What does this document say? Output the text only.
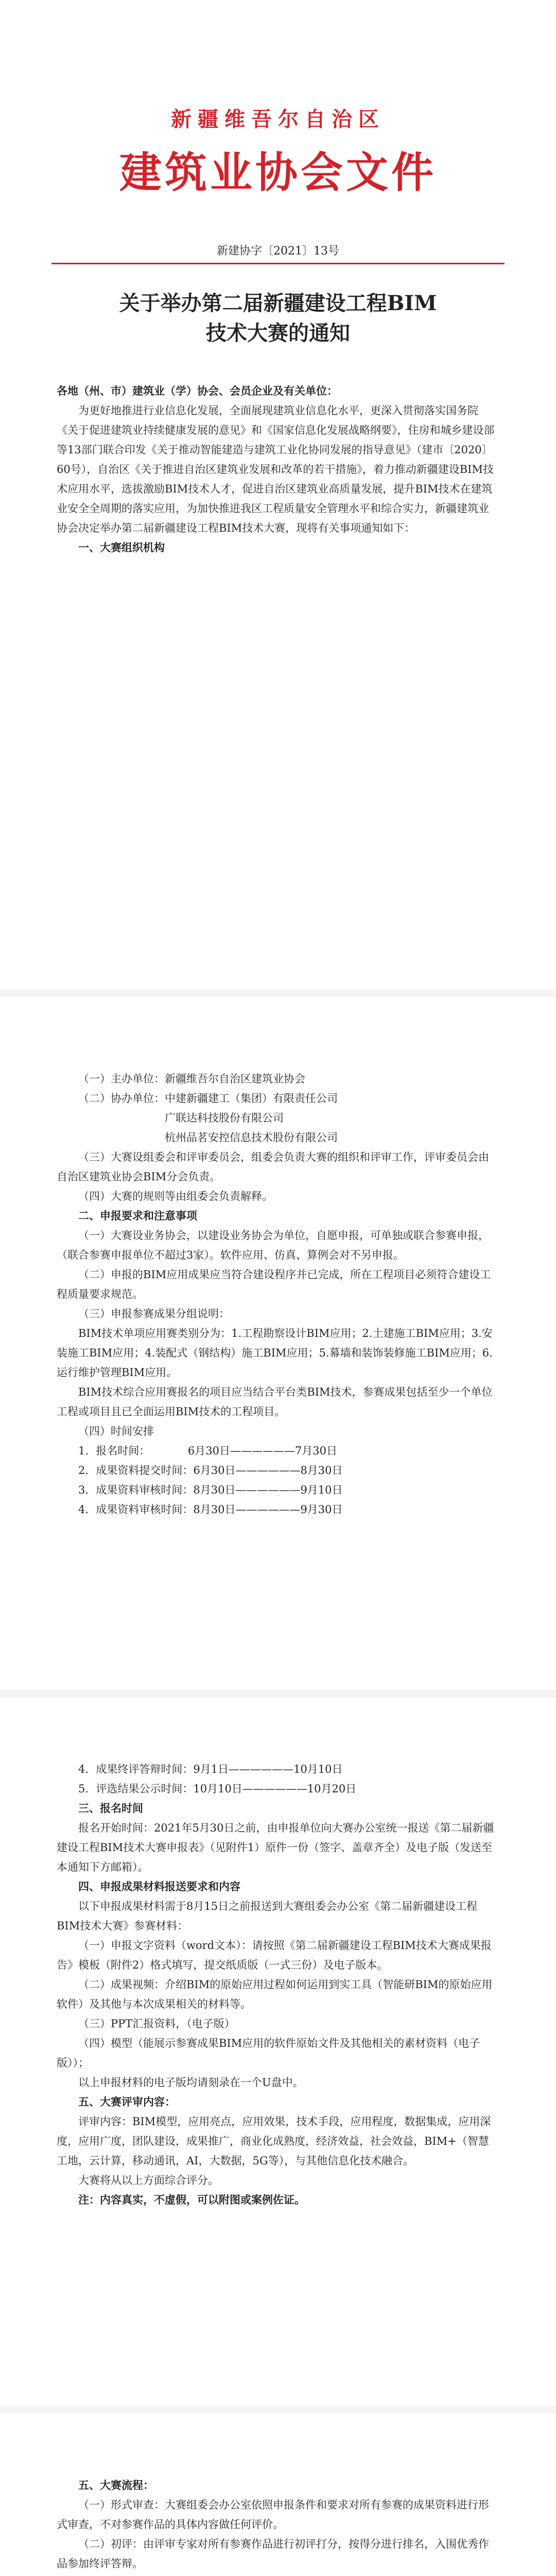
新疆维吾尔自治区
建筑业协会文件
新建协字〔2021〕13号
关于举办第二届新疆建设工程BIM
技术大赛的通知

各地（州、市）建筑业（学）协会、会员企业及有关单位：

为更好地推进行业信息化发展，全面展现建筑业信息化水平，更深入贯彻落实国务院《关于促进建筑业持续健康发展的意见》和《国家信息化发展战略纲要》，住房和城乡建设部等13部门联合印发《关于推动智能建造与建筑工业化协同发展的指导意见》（建市〔2020〕60号），自治区《关于推进自治区建筑业发展和改革的若干措施》，着力推动新疆建设BIM技术应用水平，选拔激励BIM技术人才，促进自治区建筑业高质量发展，提升BIM技术在建筑业安全全周期的落实应用，为加快推进我区工程质量安全管理水平和综合实力，新疆建筑业协会决定举办第二届新疆建设工程BIM技术大赛，现将有关事项通知如下：

一、大赛组织机构

（一）主办单位：新疆维吾尔自治区建筑业协会

（二）协办单位：中建新疆建工（集团）有限责任公司

　　　　　　　　广联达科技股份有限公司

　　　　　　　　杭州品茗安控信息技术股份有限公司

（三）大赛设组委会和评审委员会，组委会负责大赛的组织和评审工作，评审委员会由自治区建筑业协会BIM分会负责。

（四）大赛的规则等由组委会负责解释。

二、申报要求和注意事项

（一）大赛设业务协会，以建设业务协会为单位，自愿申报，可单独或联合参赛申报，（联合参赛申报单位不超过3家）。软件应用、仿真、算例会对不另申报。

（二）申报的BIM应用成果应当符合建设程序并已完成，所在工程项目必须符合建设工程质量要求规范。

（三）申报参赛成果分组说明：

BIM技术单项应用赛类别分为：1.工程勘察设计BIM应用；2.土建施工BIM应用；3.安装施工BIM应用；4.装配式（钢结构）施工BIM应用；5.幕墙和装饰装修施工BIM应用；6.运行维护管理BIM应用。

BIM技术综合应用赛报名的项目应当结合平台类BIM技术，参赛成果包括至少一个单位工程或项目且已全面运用BIM技术的工程项目。

（四）时间安排

1．报名时间：　　　　6月30日——————7月30日

2．成果资料提交时间：6月30日——————8月30日

3．成果资料审核时间：8月30日——————9月10日

4．成果资料审核时间：8月30日——————9月30日

4．成果终评答辩时间：9月1日——————10月10日

5．评选结果公示时间：10月10日——————10月20日

三、报名时间

报名开始时间：2021年5月30日之前，由申报单位向大赛办公室统一报送《第二届新疆建设工程BIM技术大赛申报表》（见附件1）原件一份（签字、盖章齐全）及电子版（发送至本通知下方邮箱）。

四、申报成果材料报送要求和内容

以下申报成果材料需于8月15日之前报送到大赛组委会办公室《第二届新疆建设工程BIM技术大赛》参赛材料：

（一）申报文字资料（word文本）：请按照《第二届新疆建设工程BIM技术大赛成果报告》模板（附件2）格式填写，提交纸质版（一式三份）及电子版本。

（二）成果视频：介绍BIM的原始应用过程如何运用到实工具（智能研BIM的原始应用软件）及其他与本次成果相关的材料等。

（三）PPT汇报资料，（电子版）

（四）模型（能展示参赛成果BIM应用的软件原始文件及其他相关的素材资料（电子版））；

以上申报材料的电子版均请刻录在一个U盘中。

五、大赛评审内容：

评审内容：BIM模型，应用亮点，应用效果，技术手段，应用程度，数据集成，应用深度，应用广度，团队建设，成果推广，商业化成熟度，经济效益，社会效益，BIM+（智慧工地，云计算，移动通讯，AI，大数据，5G等），与其他信息化技术融合。

大赛将从以上方面综合评分。

注：内容真实，不虚假，可以附图或案例佐证。

五、大赛流程：

（一）形式审查：大赛组委会办公室依照申报条件和要求对所有参赛的成果资料进行形式审查，不对参赛作品的具体内容做任何评价。

（二）初评：由评审专家对所有参赛作品进行初评打分，按得分进行排名，入围优秀作品参加终评答辩。
